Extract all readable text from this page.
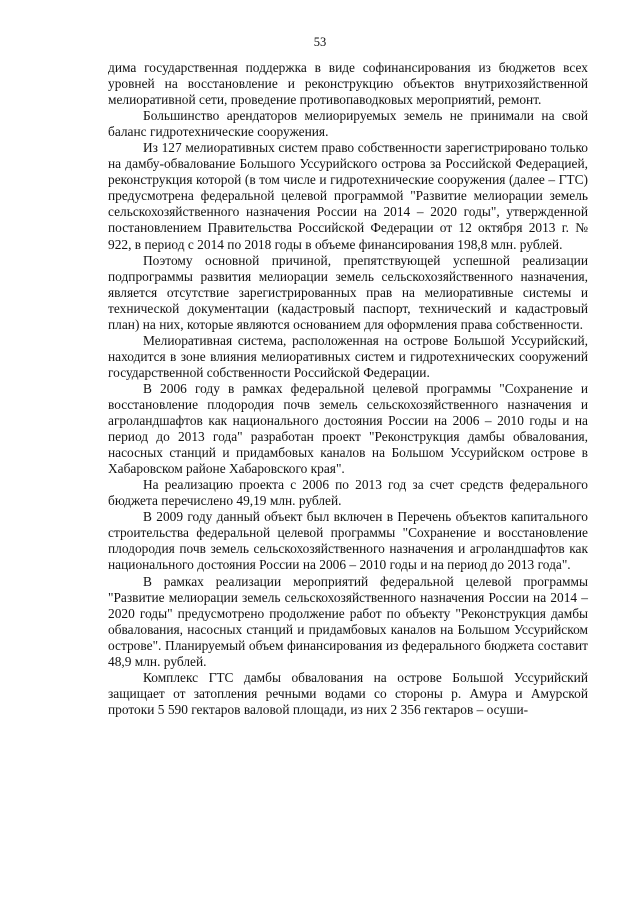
53

дима государственная поддержка в виде софинансирования из бюджетов всех уровней на восстановление и реконструкцию объектов внутрихозяйственной мелиоративной сети, проведение противопаводковых мероприятий, ремонт.

Большинство арендаторов мелиорируемых земель не принимали на свой баланс гидротехнические сооружения.

Из 127 мелиоративных систем право собственности зарегистрировано только на дамбу-обвалование Большого Уссурийского острова за Российской Федерацией, реконструкция которой (в том числе и гидротехнические сооружения (далее – ГТС) предусмотрена федеральной целевой программой "Развитие мелиорации земель сельскохозяйственного назначения России на 2014 – 2020 годы", утвержденной постановлением Правительства Российской Федерации от 12 октября 2013 г. № 922, в период с 2014 по 2018 годы в объеме финансирования 198,8 млн. рублей.

Поэтому основной причиной, препятствующей успешной реализации подпрограммы развития мелиорации земель сельскохозяйственного назначения, является отсутствие зарегистрированных прав на мелиоративные системы и технической документации (кадастровый паспорт, технический и кадастровый план) на них, которые являются основанием для оформления права собственности.

Мелиоративная система, расположенная на острове Большой Уссурийский, находится в зоне влияния мелиоративных систем и гидротехнических сооружений государственной собственности Российской Федерации.

В 2006 году в рамках федеральной целевой программы "Сохранение и восстановление плодородия почв земель сельскохозяйственного назначения и агроландшафтов как национального достояния России на 2006 – 2010 годы и на период до 2013 года" разработан проект "Реконструкция дамбы обвалования, насосных станций и придамбовых каналов на Большом Уссурийском острове в Хабаровском районе Хабаровского края".

На реализацию проекта с 2006 по 2013 год за счет средств федерального бюджета перечислено 49,19 млн. рублей.

В 2009 году данный объект был включен в Перечень объектов капитального строительства федеральной целевой программы "Сохранение и восстановление плодородия почв земель сельскохозяйственного назначения и агроландшафтов как национального достояния России на 2006 – 2010 годы и на период до 2013 года".

В рамках реализации мероприятий федеральной целевой программы "Развитие мелиорации земель сельскохозяйственного назначения России на 2014 – 2020 годы" предусмотрено продолжение работ по объекту "Реконструкция дамбы обвалования, насосных станций и придамбовых каналов на Большом Уссурийском острове". Планируемый объем финансирования из федерального бюджета составит 48,9 млн. рублей.

Комплекс ГТС дамбы обвалования на острове Большой Уссурийский защищает от затопления речными водами со стороны р. Амура и Амурской протоки 5 590 гектаров валовой площади, из них 2 356 гектаров – осуши-
